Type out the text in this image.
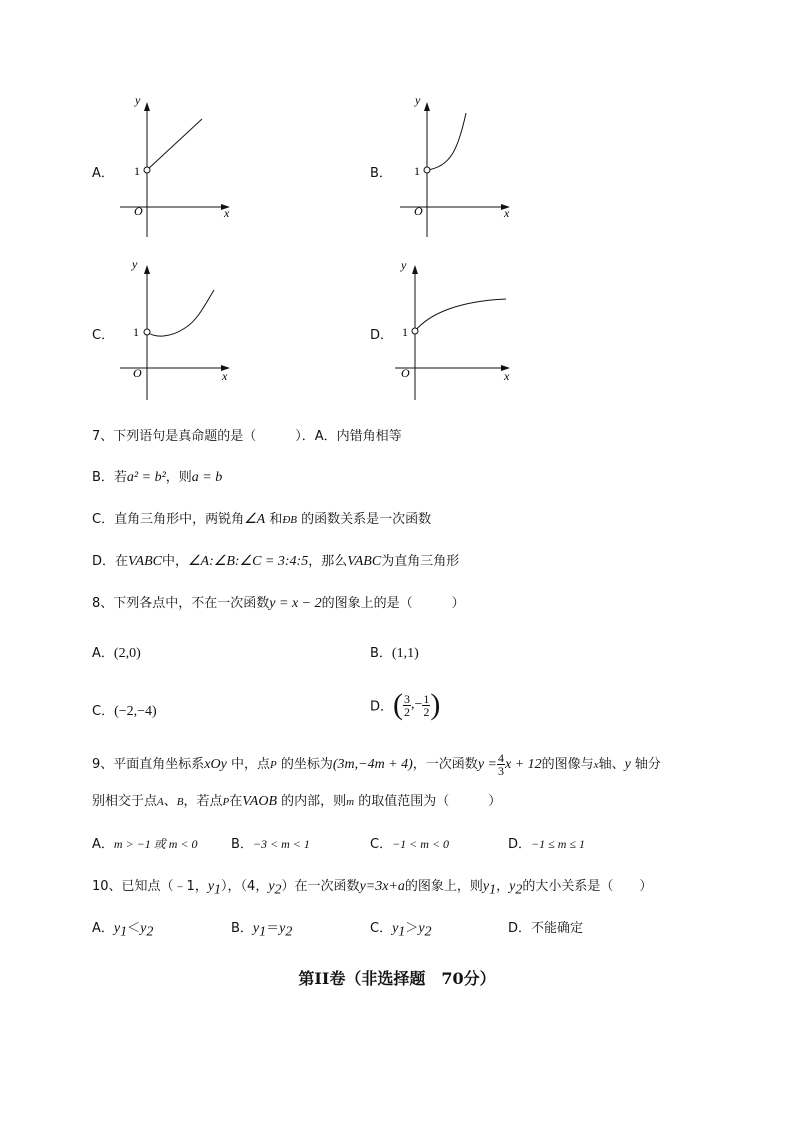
A．
y
x
O
1	B．
y
x
O
1
C．
y
x
O
1	D．
y
x
O
1
7、下列语句是真命题的是（　　　）．A．内错角相等
B．若a² = b²，则a = b
C．直角三角形中，两锐角∠A 和ÐB 的函数关系是一次函数
D．在VABC中，∠A:∠B:∠C = 3:4:5，那么VABC为直角三角形
8、下列各点中，不在一次函数y = x − 2的图象上的是（　　　）
A．(2,0)	B．(1,1)
C．(−2,−4)	D．( $\frac{3}{2}$ ,− $\frac{1}{2}$ )
9、平面直角坐标系xOy 中，点P 的坐标为(3m,−4m + 4)，一次函数$y = \frac{4}{3}$ x + 12的图像与x轴、y 轴分
别相交于点A、B，若点P在VAOB 的内部，则m 的取值范围为（　　　）
A．m > −1 或 m < 0	B．−3 < m < 1	C．−1 < m < 0	D．−1 ≤ m ≤ 1
10、已知点（﹣1，$y_1$），（4，$y_2$）在一次函数y=3x+a的图象上，则$y_1$，$y_2$的大小关系是（　　）
A．$y_1<y_2$	B．$y_1=y_2$	C．$y_1>y_2$	D．不能确定
第II卷（非选择题　70分）
